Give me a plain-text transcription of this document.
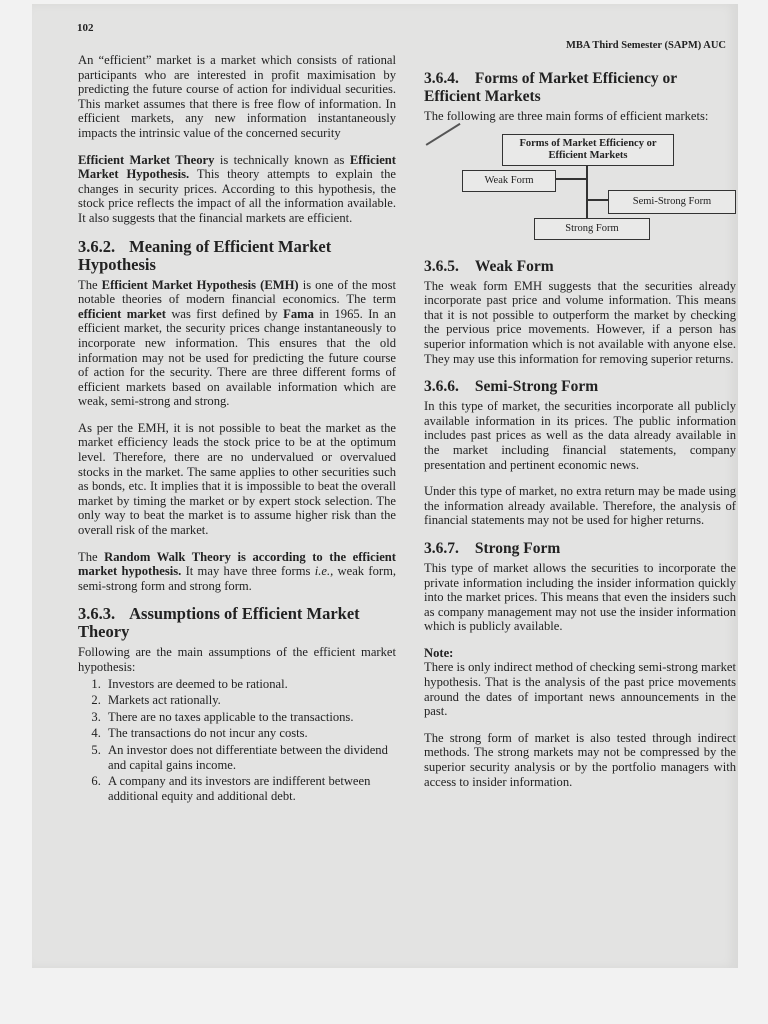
102
MBA Third Semester (SAPM) AUC

An “efficient” market is a market which consists of rational participants who are interested in profit maximisation by predicting the future course of action for individual securities. This market assumes that there is free flow of information. In efficient markets, any new information instantaneously impacts the intrinsic value of the concerned security

Efficient Market Theory is technically known as Efficient Market Hypothesis. This theory attempts to explain the changes in security prices. According to this hypothesis, the stock price reflects the impact of all the information available. It also suggests that the financial markets are efficient.

3.6.2. Meaning of Efficient Market Hypothesis

The Efficient Market Hypothesis (EMH) is one of the most notable theories of modern financial economics. The term efficient market was first defined by Fama in 1965. In an efficient market, the security prices change instantaneously to incorporate new information. This ensures that the old information may not be used for predicting the future course of action for the security. There are three different forms of efficient markets based on available information which are weak, semi-strong and strong.

As per the EMH, it is not possible to beat the market as the market efficiency leads the stock price to be at the optimum level. Therefore, there are no undervalued or overvalued stocks in the market. The same applies to other securities such as bonds, etc. It implies that it is impossible to beat the overall market by timing the market or by expert stock selection. The only way to beat the market is to assume higher risk than the overall risk of the market.

The Random Walk Theory is according to the efficient market hypothesis. It may have three forms i.e., weak form, semi-strong form and strong form.

3.6.3. Assumptions of Efficient Market Theory

Following are the main assumptions of the efficient market hypothesis:

1. Investors are deemed to be rational.
2. Markets act rationally.
3. There are no taxes applicable to the transactions.
4. The transactions do not incur any costs.
5. An investor does not differentiate between the dividend and capital gains income.
6. A company and its investors are indifferent between additional equity and additional debt.
3.6.4. Forms of Market Efficiency or Efficient Markets

The following are three main forms of efficient markets:

Forms of Market Efficiency or Efficient Markets
Weak Form
Semi-Strong Form
Strong Form
3.6.5. Weak Form

The weak form EMH suggests that the securities already incorporate past price and volume information. This means that it is not possible to outperform the market by checking the pervious price movements. However, if a person has superior information which is not available with anyone else. They may use this information for removing superior returns.

3.6.6. Semi-Strong Form

In this type of market, the securities incorporate all publicly available information in its prices. The public information includes past prices as well as the data already available in the market including financial statements, company presentation and pertinent economic news.

Under this type of market, no extra return may be made using the information already available. Therefore, the analysis of financial statements may not be used for higher returns.

3.6.7. Strong Form

This type of market allows the securities to incorporate the private information including the insider information quickly into the market prices. This means that even the insiders such as company management may not use the insider information which is publicly available.

Note:

There is only indirect method of checking semi-strong market hypothesis. That is the analysis of the past price movements around the dates of important news announcements in the past.

The strong form of market is also tested through indirect methods. The strong markets may not be compressed by the superior security analysis or by the portfolio managers with access to insider information.
